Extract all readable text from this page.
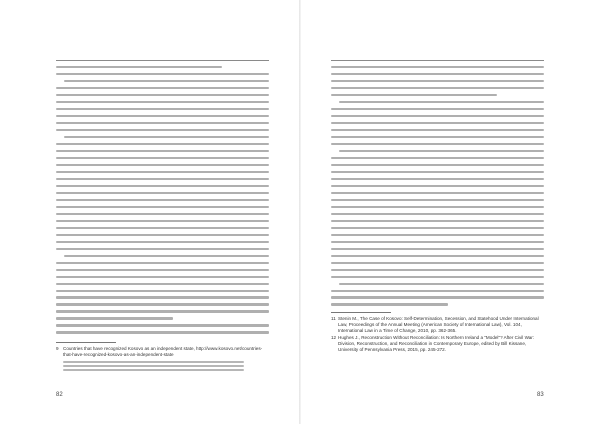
9 Countries that have recognized Kosovo as an independent state, http://www.kosovo.net/countries-that-have-recognized-kosovo-as-an-independent-state
82

11 Stenin M., The Case of Kosovo: Self-Determination, Secession, and Statehood Under International Law, Proceedings of the Annual Meeting (American Society of International Law), Vol. 104, International Law in a Time of Change, 2010, pp. 362-365.
12 Hughes J., Reconstruction Without Reconciliation: Is Northern Ireland a "Model"? After Civil War: Division, Reconstruction, and Reconciliation in Contemporary Europe, edited by Bill Kissane, University of Pennsylvania Press, 2015, pp. 245-272.
83
